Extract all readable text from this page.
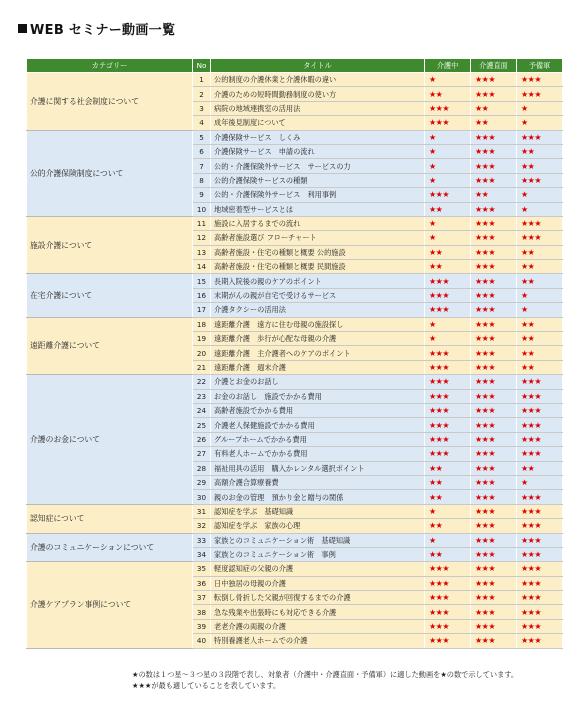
WEB セミナー動画一覧
カテゴリー	No	タイトル	介護中	介護直面	予備軍
介護に関する社会制度について	1	公的制度の介護休業と介護休暇の違い	★	★★★	★★★
	2	介護のための短時間勤務制度の使い方	★★	★★★	★★★
	3	病院の地域連携室の活用法	★★★	★★	★
	4	成年後見制度について	★★★	★★	★
公的介護保険制度について	5	介護保険サービス　しくみ	★	★★★	★★★
	6	介護保険サービス　申請の流れ	★	★★★	★★
	7	公的・介護保険外サービス　サービスの力	★	★★★	★★
	8	公的介護保険サービスの種類	★	★★★	★★★
	9	公的・介護保険外サービス　利用事例	★★★	★★	★
	10	地域密着型サービスとは	★★	★★★	★
施設介護について	11	施設に入居するまでの流れ	★	★★★	★★★
	12	高齢者施設選び フローチャート	★	★★★	★★★
	13	高齢者施設・住宅の種類と概要 公的施設	★★	★★★	★★
	14	高齢者施設・住宅の種類と概要 民間施設	★★	★★★	★★
在宅介護について	15	長期入院後の親のケアのポイント	★★★	★★★	★★
	16	末期がんの親が自宅で受けるサービス	★★★	★★★	★
	17	介護タクシーの活用法	★★★	★★★	★
遠距離介護について	18	遠距離介護　遠方に住む母親の施設探し	★	★★★	★★
	19	遠距離介護　歩行が心配な母親の介護	★	★★★	★★
	20	遠距離介護　主介護者へのケアのポイント	★★★	★★★	★★
	21	遠距離介護　週末介護	★★★	★★★	★★
介護のお金について	22	介護とお金のお話し	★★★	★★★	★★★
	23	お金のお話し　施設でかかる費用	★★★	★★★	★★★
	24	高齢者施設でかかる費用	★★★	★★★	★★★
	25	介護老人保健施設でかかる費用	★★★	★★★	★★★
	26	グループホームでかかる費用	★★★	★★★	★★★
	27	有料老人ホームでかかる費用	★★★	★★★	★★★
	28	福祉用具の活用　購入かレンタル選択ポイント	★★	★★★	★★
	29	高額介護合算療養費	★★	★★★	★
	30	親のお金の管理　預かり金と贈与の関係	★★	★★★	★★★
認知症について	31	認知症を学ぶ　基礎知識	★	★★★	★★★
	32	認知症を学ぶ　家族の心理	★★	★★★	★★★
介護のコミュニケーションについて	33	家族とのコミュニケーション術　基礎知識	★	★★★	★★★
	34	家族とのコミュニケーション術　事例	★★	★★★	★★★
介護ケアプラン事例について	35	軽度認知症の父親の介護	★★★	★★★	★★★
	36	日中独居の母親の介護	★★★	★★★	★★★
	37	転倒し骨折した父親が回復するまでの介護	★★★	★★★	★★★
	38	急な残業や出張時にも対応できる介護	★★★	★★★	★★★
	39	老老介護の両親の介護	★★★	★★★	★★★
	40	特別養護老人ホームでの介護	★★★	★★★	★★★
★の数は１つ星～３つ星の３段階で表し、対象者（介護中・介護直面・予備軍）に適した動画を★の数で示しています。
★★★が最も適していることを表しています。
